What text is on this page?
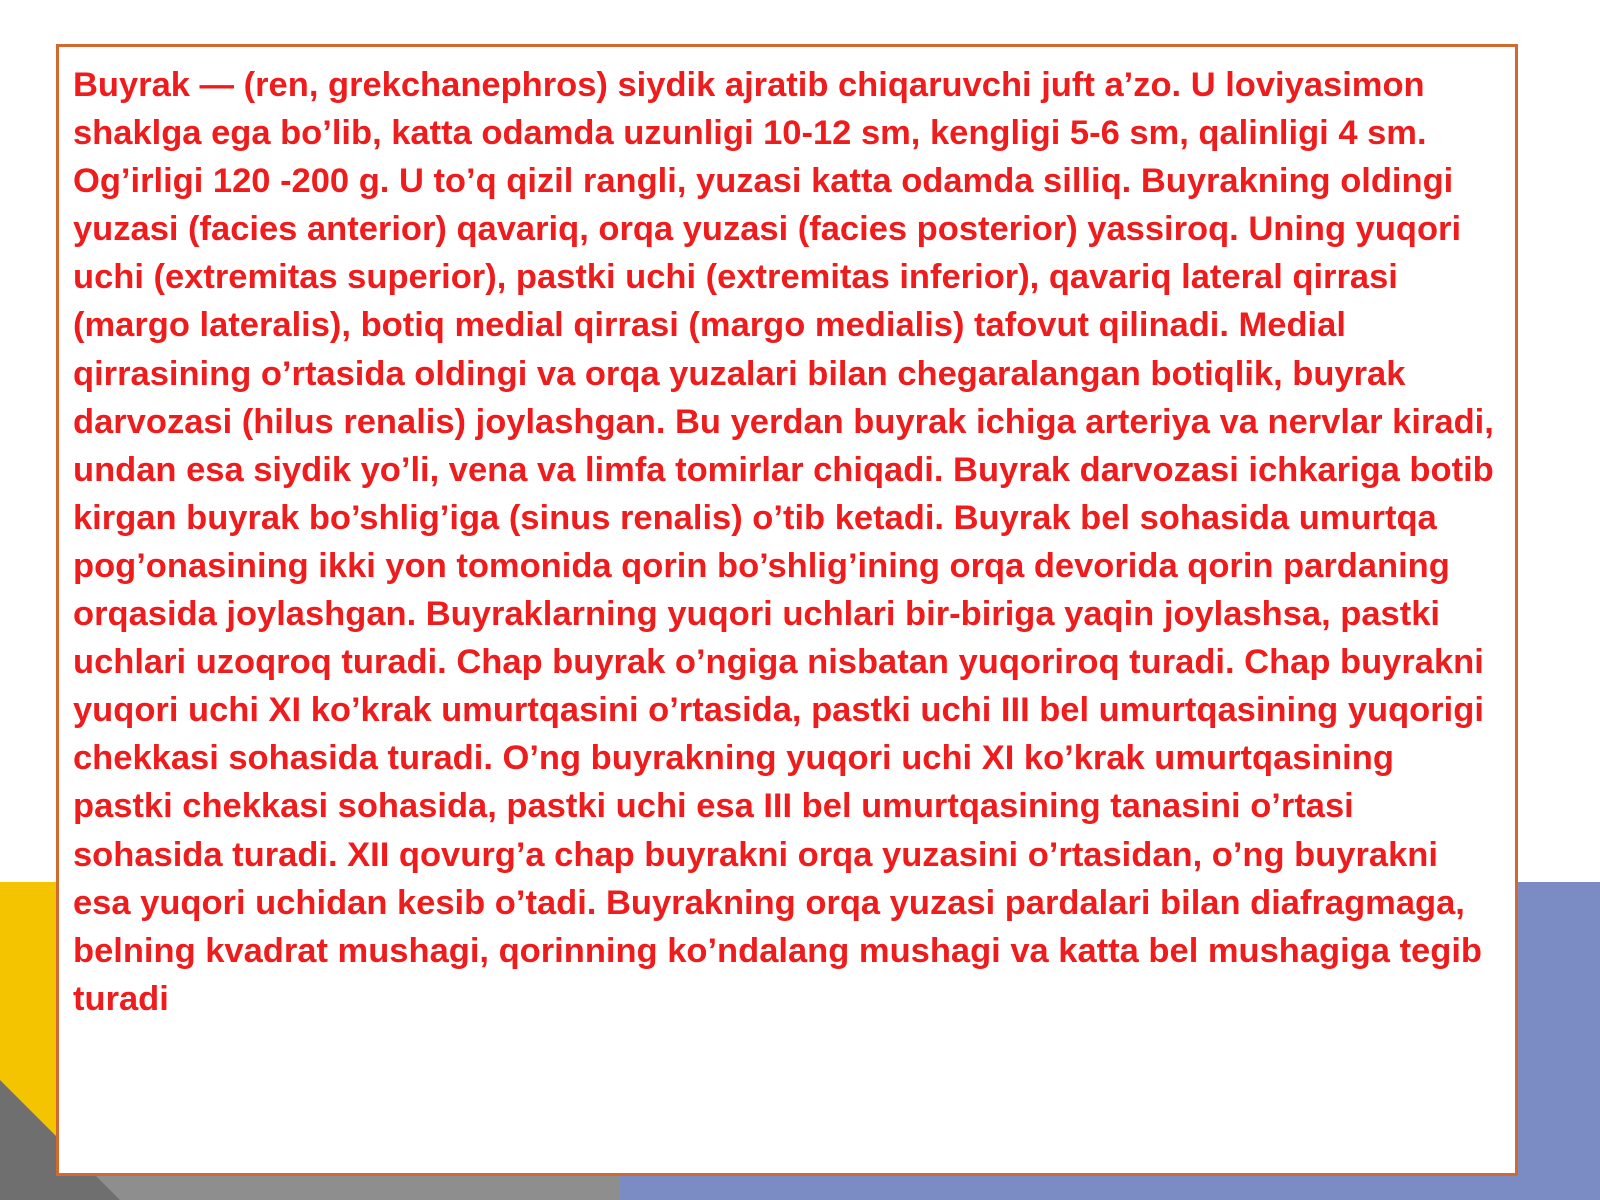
Buyrak — (ren, grekchanephros) siydik ajratib chiqaruvchi juft a’zo. U loviyasimon shaklga ega bo’lib, katta odamda uzunligi 10-12 sm, kengligi 5-6 sm, qalinligi 4 sm. Og’irligi 120 -200 g. U to’q qizil rangli, yuzasi katta odamda silliq. Buyrakning oldingi yuzasi (facies anterior) qavariq, orqa yuzasi (facies posterior) yassiroq. Uning yuqori uchi (extremitas superior), pastki uchi (extremitas inferior), qavariq lateral qirrasi (margo lateralis), botiq medial qirrasi (margo medialis) tafovut qilinadi. Medial qirrasining o’rtasida oldingi va orqa yuzalari bilan chegaralangan botiqlik, buyrak darvozasi (hilus renalis) joylashgan. Bu yerdan buyrak ichiga arteriya va nervlar kiradi, undan esa siydik yo’li, vena va limfa tomirlar chiqadi. Buyrak darvozasi ichkariga botib kirgan buyrak bo’shlig’iga (sinus renalis) o’tib ketadi. Buyrak bel sohasida umurtqa pog’onasining ikki yon tomonida qorin bo’shlig’ining orqa devorida qorin pardaning orqasida joylashgan. Buyraklarning yuqori uchlari bir-biriga yaqin joylashsa, pastki uchlari uzoqroq turadi. Chap buyrak o’ngiga nisbatan yuqoriroq turadi. Chap buyrakni yuqori uchi XI ko’krak umurtqasini o’rtasida, pastki uchi III bel umurtqasining yuqorigi chekkasi sohasida turadi. O’ng buyrakning yuqori uchi XI ko’krak umurtqasining pastki chekkasi sohasida, pastki uchi esa III bel umurtqasining tanasini o’rtasi sohasida turadi. XII qovurg’a chap buyrakni orqa yuzasini o’rtasidan, o’ng buyrakni esa yuqori uchidan kesib o’tadi. Buyrakning orqa yuzasi pardalari bilan diafragmaga, belning kvadrat mushagi, qorinning ko’ndalang mushagi va katta bel mushagiga tegib turadi
